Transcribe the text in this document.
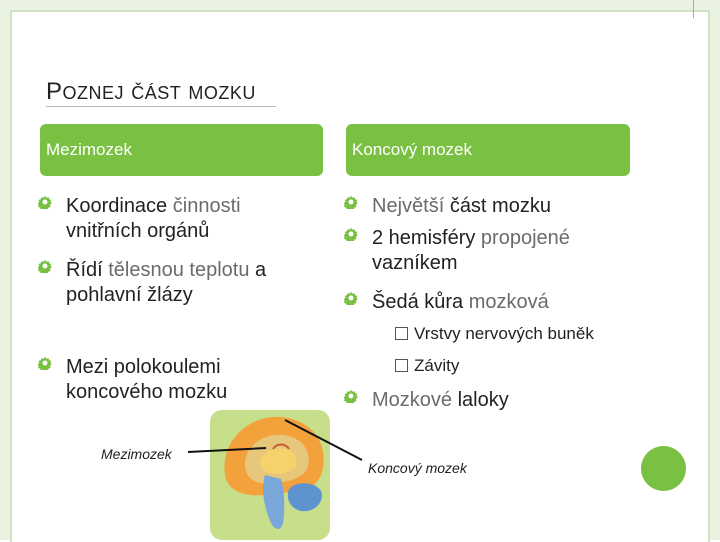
POZNEJ ČÁST MOZKU
Mezimozek	Koncový mozek
Koordinace činnosti
vnitřních orgánů
Řídí tělesnou teplotu a
pohlavní žlázy
Mezi polokoulemi
koncového mozku
Největší část mozku
2 hemisféry propojené
vazníkem
Šedá kůra mozková
Vrstvy nervových buněk
Závity
Mozkové laloky
Mezimozek
Koncový mozek
